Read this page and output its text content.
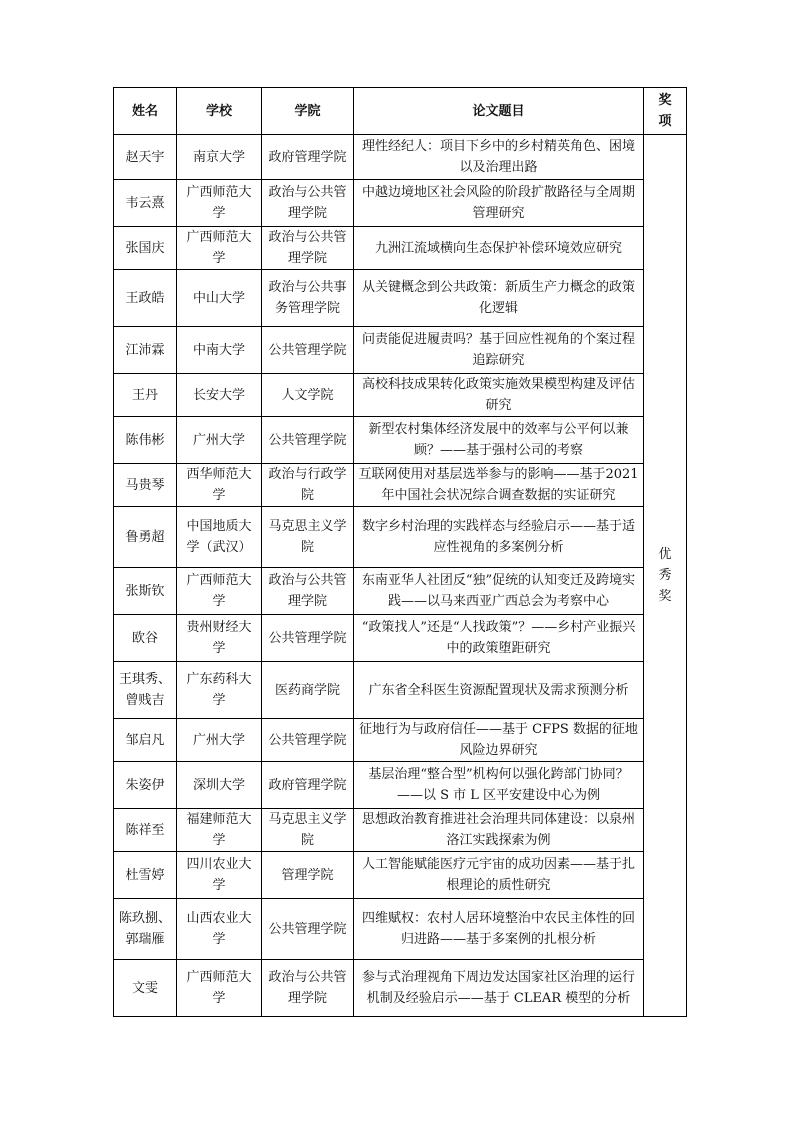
姓名	学校	学院	论文题目	奖项
赵天宇	南京大学	政府管理学院	理性经纪人：项目下乡中的乡村精英角色、困境以及治理出路	优秀奖
韦云熹	广西师范大学	政治与公共管理学院	中越边境地区社会风险的阶段扩散路径与全周期管理研究	
张国庆	广西师范大学	政治与公共管理学院	九洲江流域横向生态保护补偿环境效应研究	
王政皓	中山大学	政治与公共事务管理学院	从关键概念到公共政策：新质生产力概念的政策化逻辑	
江沛霖	中南大学	公共管理学院	问责能促进履责吗？基于回应性视角的个案过程追踪研究	
王丹	长安大学	人文学院	高校科技成果转化政策实施效果模型构建及评估研究	
陈伟彬	广州大学	公共管理学院	新型农村集体经济发展中的效率与公平何以兼顾？——基于强村公司的考察	
马贵琴	西华师范大学	政治与行政学院	互联网使用对基层选举参与的影响——基于2021年中国社会状况综合调查数据的实证研究	
鲁勇超	中国地质大学（武汉）	马克思主义学院	数字乡村治理的实践样态与经验启示——基于适应性视角的多案例分析	
张斯钦	广西师范大学	政治与公共管理学院	东南亚华人社团反“独”促统的认知变迁及跨境实践——以马来西亚广西总会为考察中心	
欧谷	贵州财经大学	公共管理学院	“政策找人”还是“人找政策”？——乡村产业振兴中的政策堕距研究	
王琪秀、曾贱吉	广东药科大学	医药商学院	广东省全科医生资源配置现状及需求预测分析	
邹启凡	广州大学	公共管理学院	征地行为与政府信任——基于 CFPS 数据的征地风险边界研究	
朱姿伊	深圳大学	政府管理学院	基层治理“整合型”机构何以强化跨部门协同？——以 S 市 L 区平安建设中心为例	
陈祥至	福建师范大学	马克思主义学院	思想政治教育推进社会治理共同体建设：以泉州洛江实践探索为例	
杜雪婷	四川农业大学	管理学院	人工智能赋能医疗元宇宙的成功因素——基于扎根理论的质性研究	
陈玖捌、郭瑞雁	山西农业大学	公共管理学院	四维赋权：农村人居环境整治中农民主体性的回归进路——基于多案例的扎根分析	
文雯	广西师范大学	政治与公共管理学院	参与式治理视角下周边发达国家社区治理的运行机制及经验启示——基于 CLEAR 模型的分析	
